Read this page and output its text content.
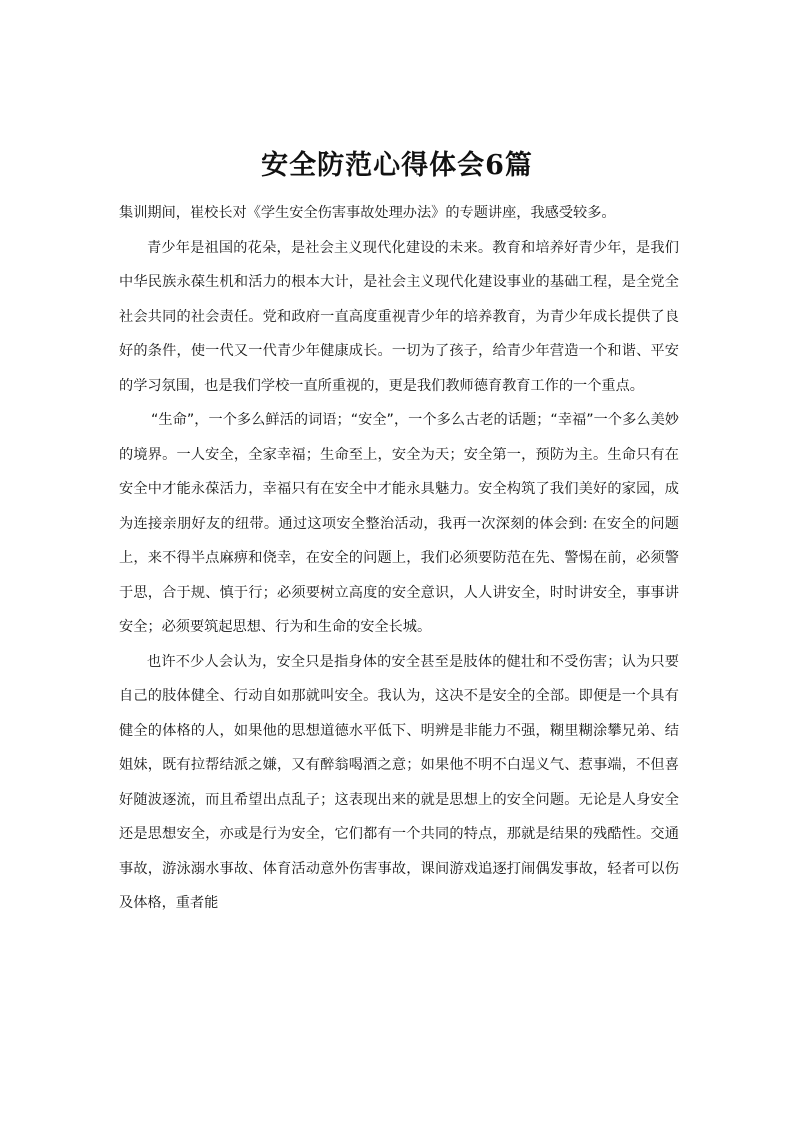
安全防范心得体会6篇

集训期间，崔校长对《学生安全伤害事故处理办法》的专题讲座，我感受较多。

青少年是祖国的花朵，是社会主义现代化建设的未来。教育和培养好青少年，是我们中华民族永葆生机和活力的根本大计，是社会主义现代化建设事业的基础工程，是全党全社会共同的社会责任。党和政府一直高度重视青少年的培养教育，为青少年成长提供了良好的条件，使一代又一代青少年健康成长。一切为了孩子，给青少年营造一个和谐、平安的学习氛围，也是我们学校一直所重视的，更是我们教师德育教育工作的一个重点。

“生命”，一个多么鲜活的词语；“安全”，一个多么古老的话题；“幸福”一个多么美妙的境界。一人安全，全家幸福；生命至上，安全为天；安全第一，预防为主。生命只有在安全中才能永葆活力，幸福只有在安全中才能永具魅力。安全构筑了我们美好的家园，成为连接亲朋好友的纽带。通过这项安全整治活动，我再一次深刻的体会到: 在安全的问题上，来不得半点麻痹和侥幸，在安全的问题上，我们必须要防范在先、警惕在前，必须警于思，合于规、慎于行；必须要树立高度的安全意识，人人讲安全，时时讲安全，事事讲安全；必须要筑起思想、行为和生命的安全长城。

也许不少人会认为，安全只是指身体的安全甚至是肢体的健壮和不受伤害；认为只要自己的肢体健全、行动自如那就叫安全。我认为，这决不是安全的全部。即便是一个具有健全的体格的人，如果他的思想道德水平低下、明辨是非能力不强，糊里糊涂攀兄弟、结姐妹，既有拉帮结派之嫌，又有醉翁喝酒之意；如果他不明不白逞义气、惹事端，不但喜好随波逐流，而且希望出点乱子；这表现出来的就是思想上的安全问题。无论是人身安全还是思想安全，亦或是行为安全，它们都有一个共同的特点，那就是结果的残酷性。交通事故，游泳溺水事故、体育活动意外伤害事故，课间游戏追逐打闹偶发事故，轻者可以伤及体格，重者能
